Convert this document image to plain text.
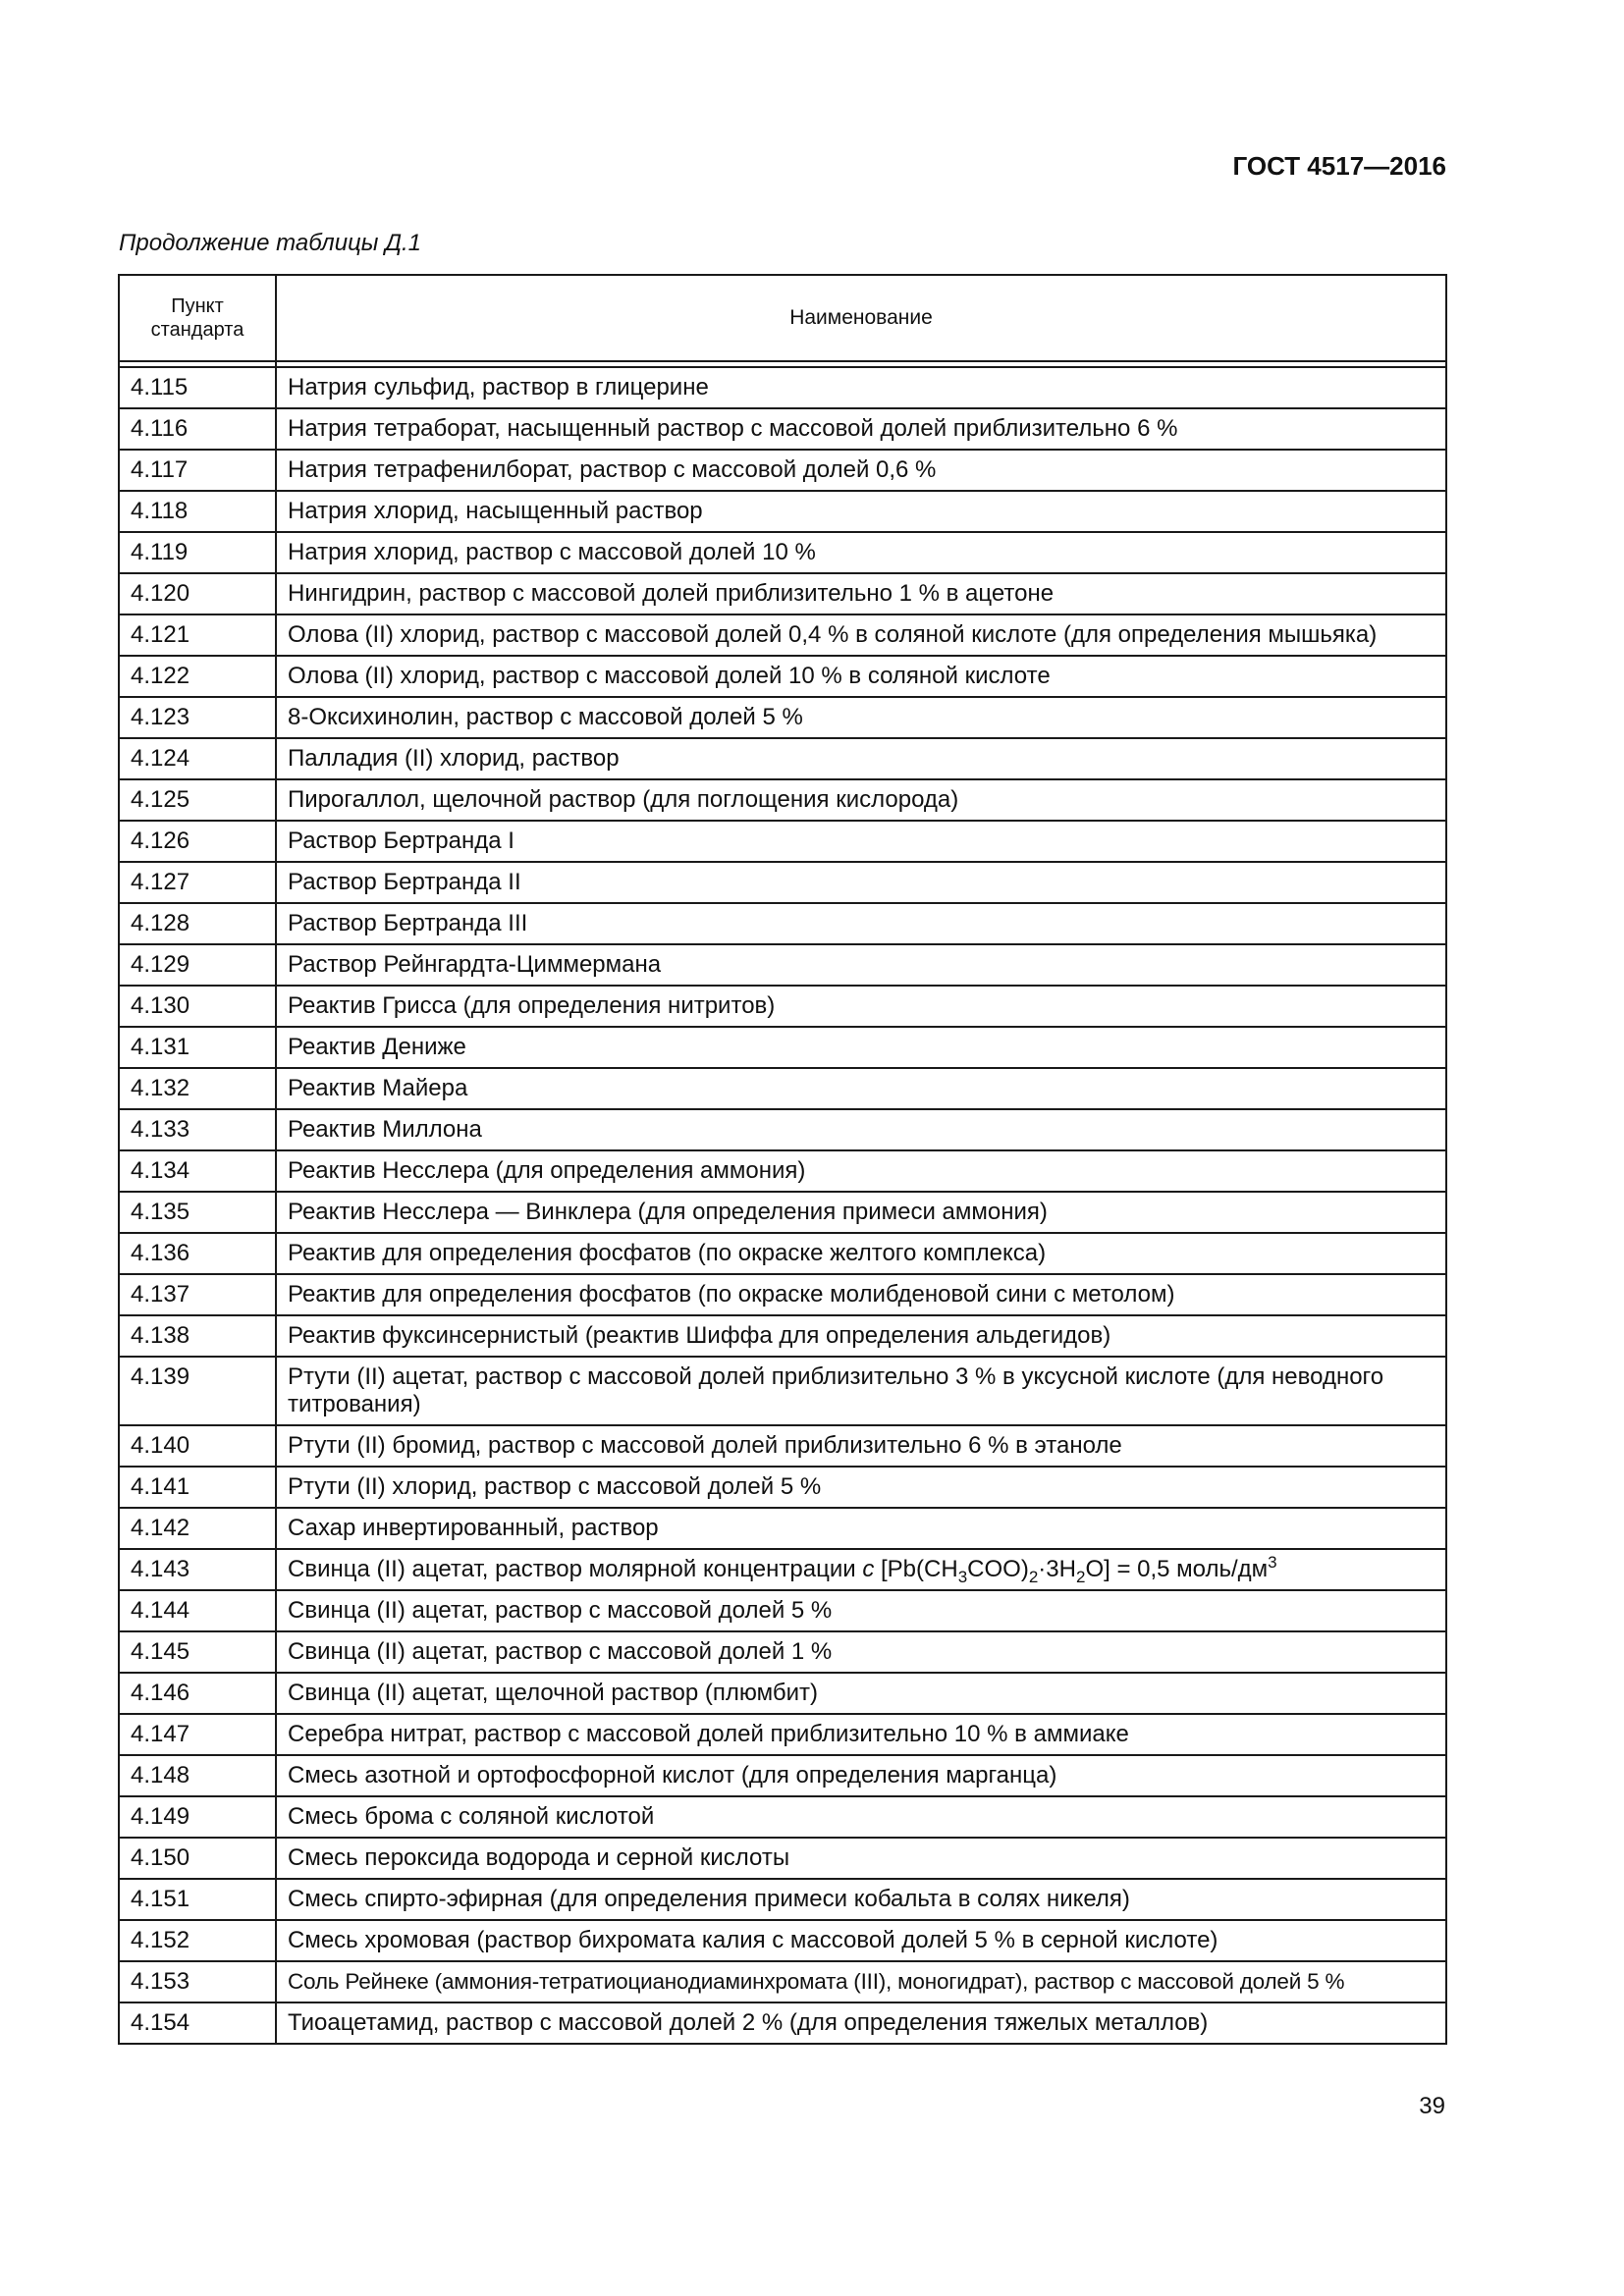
ГОСТ 4517—2016
Продолжение таблицы Д.1
Пункт стандарта	Наименование

4.115	Натрия сульфид, раствор в глицерине
4.116	Натрия тетраборат, насыщенный раствор с массовой долей приблизительно 6 %
4.117	Натрия тетрафенилборат, раствор с массовой долей 0,6 %
4.118	Натрия хлорид, насыщенный раствор
4.119	Натрия хлорид, раствор с массовой долей 10 %
4.120	Нингидрин, раствор с массовой долей приблизительно 1 % в ацетоне
4.121	Олова (II) хлорид, раствор с массовой долей 0,4 % в соляной кислоте (для определения мышьяка)
4.122	Олова (II) хлорид, раствор с массовой долей 10 % в соляной кислоте
4.123	8-Оксихинолин, раствор с массовой долей 5 %
4.124	Палладия (II) хлорид, раствор
4.125	Пирогаллол, щелочной раствор (для поглощения кислорода)
4.126	Раствор Бертранда I
4.127	Раствор Бертранда II
4.128	Раствор Бертранда III
4.129	Раствор Рейнгардта-Циммермана
4.130	Реактив Грисса (для определения нитритов)
4.131	Реактив Дениже
4.132	Реактив Майера
4.133	Реактив Миллона
4.134	Реактив Несслера (для определения аммония)
4.135	Реактив Несслера — Винклера (для определения примеси аммония)
4.136	Реактив для определения фосфатов (по окраске желтого комплекса)
4.137	Реактив для определения фосфатов (по окраске молибденовой сини с метолом)
4.138	Реактив фуксинсернистый (реактив Шиффа для определения альдегидов)
4.139	Ртути (II) ацетат, раствор с массовой долей приблизительно 3 % в уксусной кислоте (для неводного титрования)
4.140	Ртути (II) бромид, раствор с массовой долей приблизительно 6 % в этаноле
4.141	Ртути (II) хлорид, раствор с массовой долей 5 %
4.142	Сахар инвертированный, раствор
4.143	Свинца (II) ацетат, раствор молярной концентрации c $[Pb(CH_3COO)_2\cdot 3H_2O] = 0,5$ моль/$дм^3$
4.144	Свинца (II) ацетат, раствор с массовой долей 5 %
4.145	Свинца (II) ацетат, раствор с массовой долей 1 %
4.146	Свинца (II) ацетат, щелочной раствор (плюмбит)
4.147	Серебра нитрат, раствор с массовой долей приблизительно 10 % в аммиаке
4.148	Смесь азотной и ортофосфорной кислот (для определения марганца)
4.149	Смесь брома с соляной кислотой
4.150	Смесь пероксида водорода и серной кислоты
4.151	Смесь спирто-эфирная (для определения примеси кобальта в солях никеля)
4.152	Смесь хромовая (раствор бихромата калия с массовой долей 5 % в серной кислоте)
4.153	Соль Рейнеке (аммония-тетратиоцианодиаминхромата (III), моногидрат), раствор с массовой долей 5 %
4.154	Тиоацетамид, раствор с массовой долей 2 % (для определения тяжелых металлов)
39
